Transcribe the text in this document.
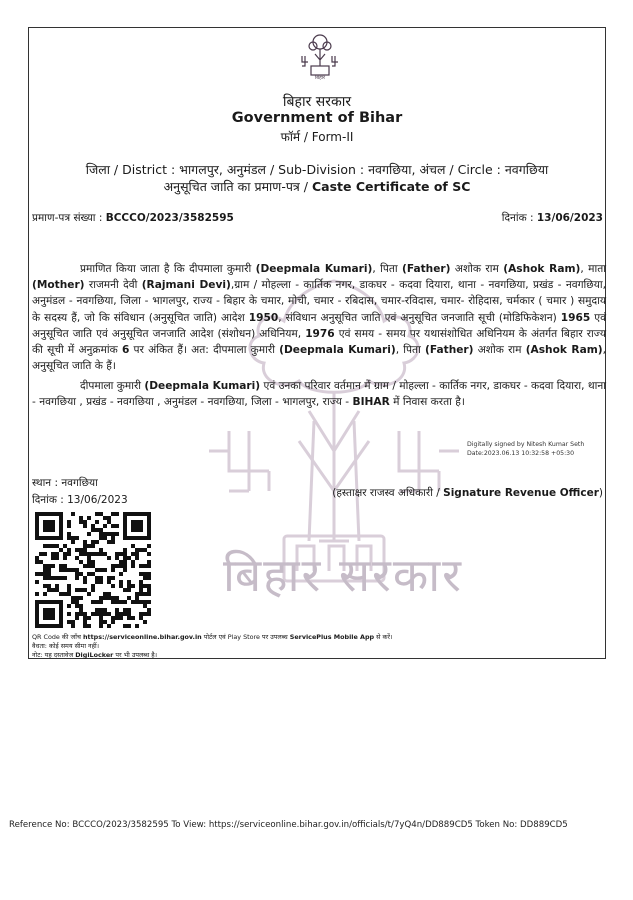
बिहार सरकार
बिहार
बिहार सरकार
Government of Bihar
फॉर्म / Form-II
जिला / District : भागलपुर, अनुमंडल / Sub-Division : नवगछिया, अंचल / Circle : नवगछिया
अनुसूचित जाति का प्रमाण-पत्र / Caste Certificate of SC
प्रमाण-पत्र संख्या : BCCCO/2023/3582595	दिनांक : 13/06/2023
प्रमाणित किया जाता है कि दीपमाला कुमारी (Deepmala Kumari), पिता (Father) अशोक राम (Ashok Ram), माता (Mother) राजमनी देवी (Rajmani Devi),ग्राम / मोहल्ला - कार्तिक नगर, डाकघर - कदवा दियारा, थाना - नवगछिया, प्रखंड - नवगछिया, अनुमंडल - नवगछिया, जिला - भागलपुर, राज्य - बिहार के चमार, मोची, चमार - रबिदास, चमार-रविदास, चमार- रोहिदास, चर्मकार ( चमार ) समुदाय के सदस्य हैं, जो कि संविधान (अनुसूचित जाति) आदेश 1950, संविधान अनुसूचित जाति एवं अनुसूचित जनजाति सूची (मोडिफिकेशन) 1965 एवं अनुसूचित जाति एवं अनुसूचित जनजाति आदेश (संशोधन) अधिनियम, 1976 एवं समय - समय पर यथासंशोधित अधिनियम के अंतर्गत बिहार राज्य की सूची में अनुक्रमांक 6 पर अंकित हैं। अत: दीपमाला कुमारी (Deepmala Kumari), पिता (Father) अशोक राम (Ashok Ram), अनुसूचित जाति के हैं।
दीपमाला कुमारी (Deepmala Kumari) एवं उनका परिवार वर्तमान में ग्राम / मोहल्ला - कार्तिक नगर, डाकघर - कदवा दियारा, थाना - नवगछिया , प्रखंड - नवगछिया , अनुमंडल - नवगछिया, जिला - भागलपुर, राज्य - BIHAR में निवास करता है।
Digitally signed by Nitesh Kumar Seth
Date:2023.06.13 10:32:58 +05:30
स्थान : नवगछिया
दिनांक : 13/06/2023
(हस्ताक्षर राजस्व अधिकारी / Signature Revenue Officer)
QR Code की जाँच https://serviceonline.bihar.gov.in पोर्टल एवं Play Store पर उपलब्ध ServicePlus Mobile App से करें।
वैधता: कोई समय सीमा नहीं।
नोट: यह दस्तावेज DigiLocker पर भी उपलब्ध है।
Reference No: BCCCO/2023/3582595 To View: https://serviceonline.bihar.gov.in/officials/t/7yQ4n/DD889CD5 Token No: DD889CD5
